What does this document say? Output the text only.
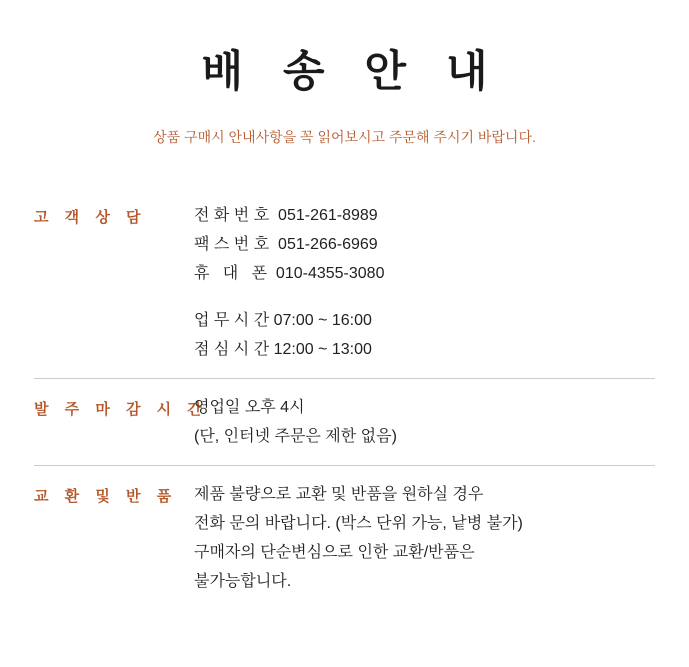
배 송 안 내

상품 구매시 안내사항을 꼭 읽어보시고 주문해 주시기 바랍니다.

고 객 상 담	전 화 번 호  051-261-8989
팩 스 번 호  051-266-6969
휴   대   폰  010-4355-3080
업 무 시 간 07:00 ~ 16:00
점 심 시 간 12:00 ~ 13:00
발 주 마 감 시 간
영업일 오후 4시
(단, 인터넷 주문은 제한 없음)
교 환 및 반 품	제품 불량으로 교환 및 반품을 원하실 경우
전화 문의 바랍니다. (박스 단위 가능, 낱병 불가)
구매자의 단순변심으로 인한 교환/반품은
불가능합니다.
